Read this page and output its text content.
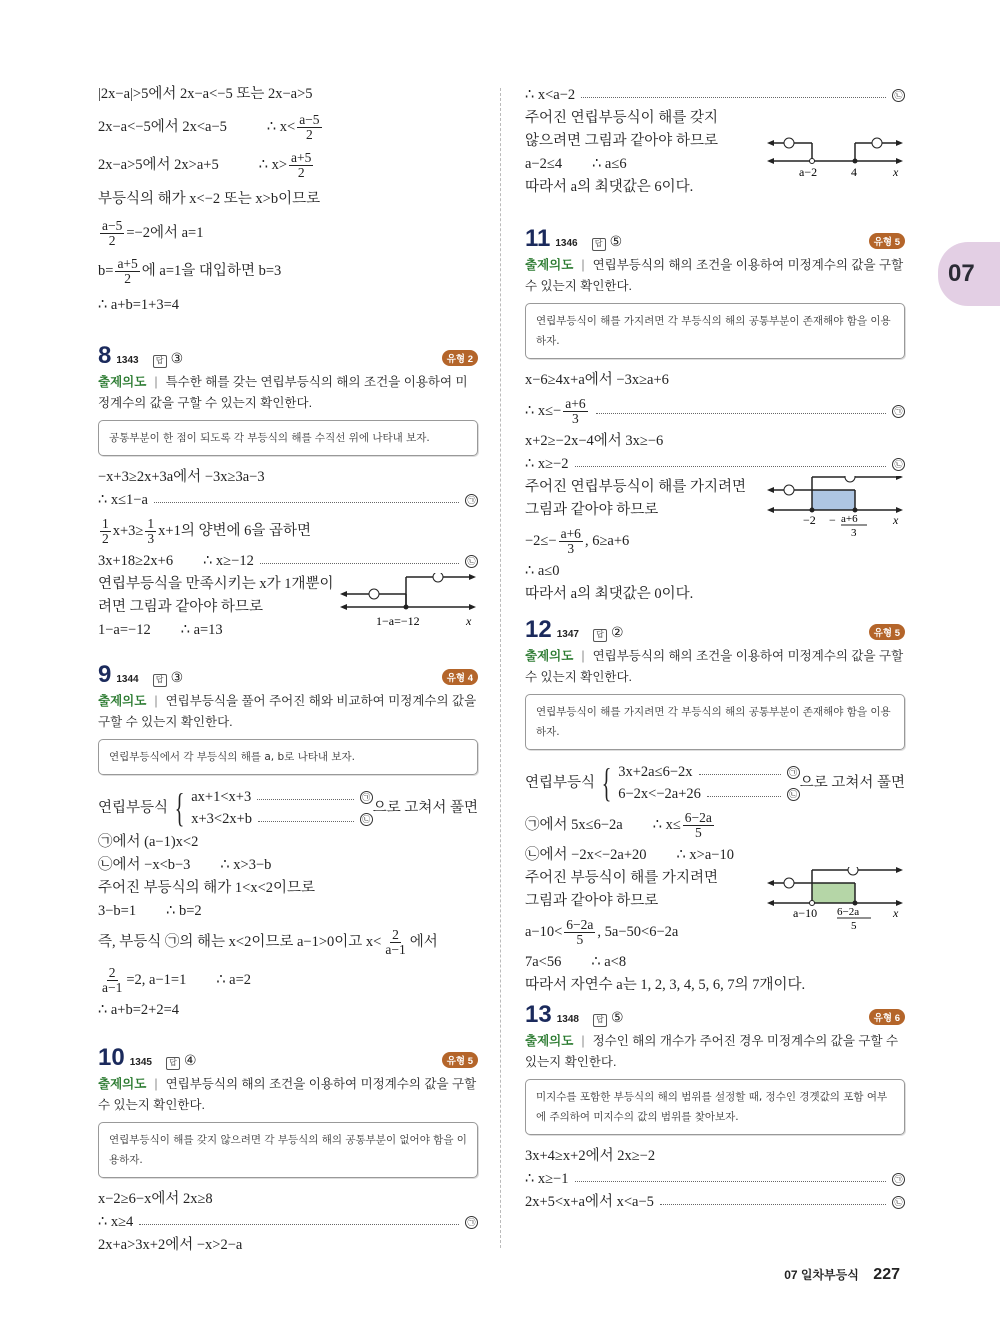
07
|2x−a|>5에서 2x−a<−5 또는 2x−a>5
2x−a<−5에서 2x<a−5	∴ $x< \frac{a-5}{2}$
2x−a>5에서 2x>a+5	∴ $x> \frac{a+5}{2}$
부등식의 해가 x<−2 또는 x>b이므로
$\frac{a-5}{2} =-2$에서 a=1
$b= \frac{a+5}{2}$ 에 a=1을 대입하면 b=3
∴ a+b=1+3=4
8 1343	답 ③	유형 2
출제의도 | 특수한 해를 갖는 연립부등식의 해의 조건을 이용하여 미정계수의 값을 구할 수 있는지 확인한다.
공통부분이 한 점이 되도록 각 부등식의 해를 수직선 위에 나타내 보자.
−x+3≥2x+3a에서 −3x≥3a−3
∴ x≤1−a	㉠
$\frac{1}{2} x+3\ge \frac{1}{3} x+1$의 양변에 6을 곱하면
3x+18≥2x+6 ∴ x≥−12	㉡
연립부등식을 만족시키는 x가 1개뿐이
려면 그림과 같아야 하므로
1−a=−12 ∴ a=13
1−a=−12	x
9 1344	답 ③	유형 4
출제의도 | 연립부등식을 풀어 주어진 해와 비교하여 미정계수의 값을 구할 수 있는지 확인한다.
연립부등식에서 각 부등식의 해를 a, b로 나타내 보자.
연립부등식 { ax+1<x+3	㉠
x+3<2x+b	㉡
으로 고쳐서 풀면
㉠에서 (a−1)x<2
㉡에서 −x<b−3 ∴ x>3−b
주어진 부등식의 해가 1<x<2이므로
3−b=1 ∴ b=2
즉, 부등식 ㉠의 해는 x<2이므로 a−1>0이고 $x< \frac{2}{a-1}$ 에서
$\frac{2}{a-1} =2$, a−1=1 ∴ a=2
∴ a+b=2+2=4
10 1345	답 ④	유형 5
출제의도 | 연립부등식의 해의 조건을 이용하여 미정계수의 값을 구할 수 있는지 확인한다.
연립부등식이 해를 갖지 않으려면 각 부등식의 해의 공통부분이 없어야 함을 이용하자.
x−2≥6−x에서 2x≥8
∴ x≥4	㉠
2x+a>3x+2에서 −x>2−a
∴ x<a−2	㉡
주어진 연립부등식이 해를 갖지
않으려면 그림과 같아야 하므로
a−2≤4 ∴ a≤6
따라서 a의 최댓값은 6이다.
a−2	4	x
11 1346	답 ⑤	유형 5
출제의도 | 연립부등식의 해의 조건을 이용하여 미정계수의 값을 구할 수 있는지 확인한다.
연립부등식이 해를 가지려면 각 부등식의 해의 공통부분이 존재해야 함을 이용하자.
x−6≥4x+a에서 −3x≥a+6
∴ $x\le- \frac{a+6}{3}$	㉠
x+2≥−2x−4에서 3x≥−6
∴ x≥−2	㉡
주어진 연립부등식이 해를 가지려면
그림과 같아야 하므로
$-2\le- \frac{a+6}{3}$ , 6≥a+6
∴ a≤0
따라서 a의 최댓값은 0이다.
−2 − a+6
3
x
12 1347	답 ②	유형 5
출제의도 | 연립부등식의 해의 조건을 이용하여 미정계수의 값을 구할 수 있는지 확인한다.
연립부등식이 해를 가지려면 각 부등식의 해의 공통부분이 존재해야 함을 이용하자.
연립부등식 { 3x+2a≤6−2x	㉠
6−2x<−2a+26	㉡
으로 고쳐서 풀면
㉠에서 5x≤6−2a ∴ $x\le \frac{6-2a}{5}$
㉡에서 −2x<−2a+20 ∴ x>a−10
주어진 부등식이 해를 가지려면
그림과 같아야 하므로
$a-10< \frac{6-2a}{5}$ , 5a−50<6−2a
7a<56 ∴ a<8
따라서 자연수 a는 1, 2, 3, 4, 5, 6, 7의 7개이다.
a−10 6−2a
5
x
13 1348	답 ⑤	유형 6
출제의도 | 정수인 해의 개수가 주어진 경우 미정계수의 값을 구할 수 있는지 확인한다.
미지수를 포함한 부등식의 해의 범위를 설정할 때, 정수인 경곗값의 포함 여부에 주의하여 미지수의 값의 범위를 찾아보자.
3x+4≥x+2에서 2x≥−2
∴ x≥−1	㉠
2x+5<x+a에서 x<a−5	㉡
07 일차부등식 227
